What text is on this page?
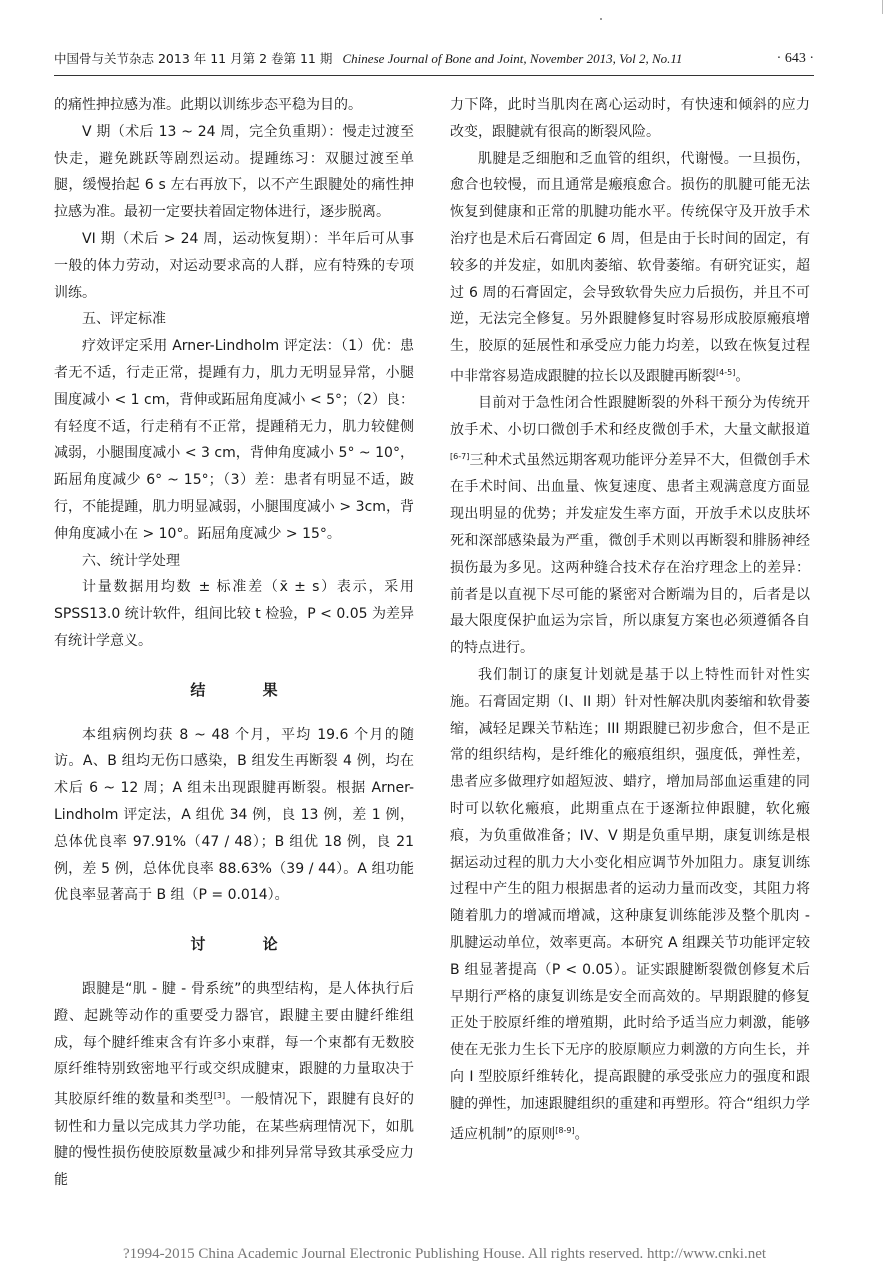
中国骨与关节杂志 2013 年 11 月第 2 卷第 11 期 Chinese Journal of Bone and Joint, November 2013, Vol 2, No.11	· 643 ·

的痛性抻拉感为准。此期以训练步态平稳为目的。

V 期（术后 13 ~ 24 周，完全负重期）：慢走过渡至快走，避免跳跃等剧烈运动。提踵练习：双腿过渡至单腿，缓慢抬起 6 s 左右再放下，以不产生跟腱处的痛性抻拉感为准。最初一定要扶着固定物体进行，逐步脱离。

VI 期（术后 > 24 周，运动恢复期）：半年后可从事一般的体力劳动，对运动要求高的人群，应有特殊的专项训练。

五、评定标准

疗效评定采用 Arner-Lindholm 评定法：（1）优：患者无不适，行走正常，提踵有力，肌力无明显异常，小腿围度减小 < 1 cm，背伸或跖屈角度减小 < 5°；（2）良：有轻度不适，行走稍有不正常，提踵稍无力，肌力较健侧减弱，小腿围度减小 < 3 cm，背伸角度减小 5° ~ 10°，跖屈角度减少 6° ~ 15°；（3）差：患者有明显不适，跛行，不能提踵，肌力明显减弱，小腿围度减小 > 3cm，背伸角度减小在 > 10°。跖屈角度减少 > 15°。

六、统计学处理

计量数据用均数 ± 标准差（x̄ ± s）表示，采用 SPSS13.0 统计软件，组间比较 t 检验，P < 0.05 为差异有统计学意义。

结 果

本组病例均获 8 ~ 48 个月，平均 19.6 个月的随访。A、B 组均无伤口感染，B 组发生再断裂 4 例，均在术后 6 ~ 12 周；A 组未出现跟腱再断裂。根据 Arner-Lindholm 评定法，A 组优 34 例，良 13 例，差 1 例，总体优良率 97.91%（47 / 48）；B 组优 18 例，良 21 例，差 5 例，总体优良率 88.63%（39 / 44）。A 组功能优良率显著高于 B 组（P = 0.014）。

讨 论

跟腱是“肌 - 腱 - 骨系统”的典型结构，是人体执行后蹬、起跳等动作的重要受力器官，跟腱主要由腱纤维组成，每个腱纤维束含有许多小束群，每一个束都有无数胶原纤维特别致密地平行或交织成腱束，跟腱的力量取决于其胶原纤维的数量和类型[3]。一般情况下，跟腱有良好的韧性和力量以完成其力学功能，在某些病理情况下，如肌腱的慢性损伤使胶原数量减少和排列异常导致其承受应力能

力下降，此时当肌肉在离心运动时，有快速和倾斜的应力改变，跟腱就有很高的断裂风险。

肌腱是乏细胞和乏血管的组织，代谢慢。一旦损伤，愈合也较慢，而且通常是瘢痕愈合。损伤的肌腱可能无法恢复到健康和正常的肌腱功能水平。传统保守及开放手术治疗也是术后石膏固定 6 周，但是由于长时间的固定，有较多的并发症，如肌肉萎缩、软骨萎缩。有研究证实，超过 6 周的石膏固定，会导致软骨失应力后损伤，并且不可逆，无法完全修复。另外跟腱修复时容易形成胶原瘢痕增生，胶原的延展性和承受应力能力均差，以致在恢复过程中非常容易造成跟腱的拉长以及跟腱再断裂[4-5]。

目前对于急性闭合性跟腱断裂的外科干预分为传统开放手术、小切口微创手术和经皮微创手术，大量文献报道[6-7]三种术式虽然远期客观功能评分差异不大，但微创手术在手术时间、出血量、恢复速度、患者主观满意度方面显现出明显的优势；并发症发生率方面，开放手术以皮肤坏死和深部感染最为严重，微创手术则以再断裂和腓肠神经损伤最为多见。这两种缝合技术存在治疗理念上的差异：前者是以直视下尽可能的紧密对合断端为目的，后者是以最大限度保护血运为宗旨，所以康复方案也必须遵循各自的特点进行。

我们制订的康复计划就是基于以上特性而针对性实施。石膏固定期（I、II 期）针对性解决肌肉萎缩和软骨萎缩，减轻足踝关节粘连；III 期跟腱已初步愈合，但不是正常的组织结构，是纤维化的瘢痕组织，强度低，弹性差，患者应多做理疗如超短波、蜡疗，增加局部血运重建的同时可以软化瘢痕，此期重点在于逐渐拉伸跟腱，软化瘢痕，为负重做准备；IV、V 期是负重早期，康复训练是根据运动过程的肌力大小变化相应调节外加阻力。康复训练过程中产生的阻力根据患者的运动力量而改变，其阻力将随着肌力的增减而增减，这种康复训练能涉及整个肌肉 - 肌腱运动单位，效率更高。本研究 A 组踝关节功能评定较 B 组显著提高（P < 0.05）。证实跟腱断裂微创修复术后早期行严格的康复训练是安全而高效的。早期跟腱的修复正处于胶原纤维的增殖期，此时给予适当应力刺激，能够使在无张力生长下无序的胶原顺应力刺激的方向生长，并向 I 型胶原纤维转化，提高跟腱的承受张应力的强度和跟腱的弹性，加速跟腱组织的重建和再塑形。符合“组织力学适应机制”的原则[8-9]。

?1994-2015 China Academic Journal Electronic Publishing House. All rights reserved. http://www.cnki.net
